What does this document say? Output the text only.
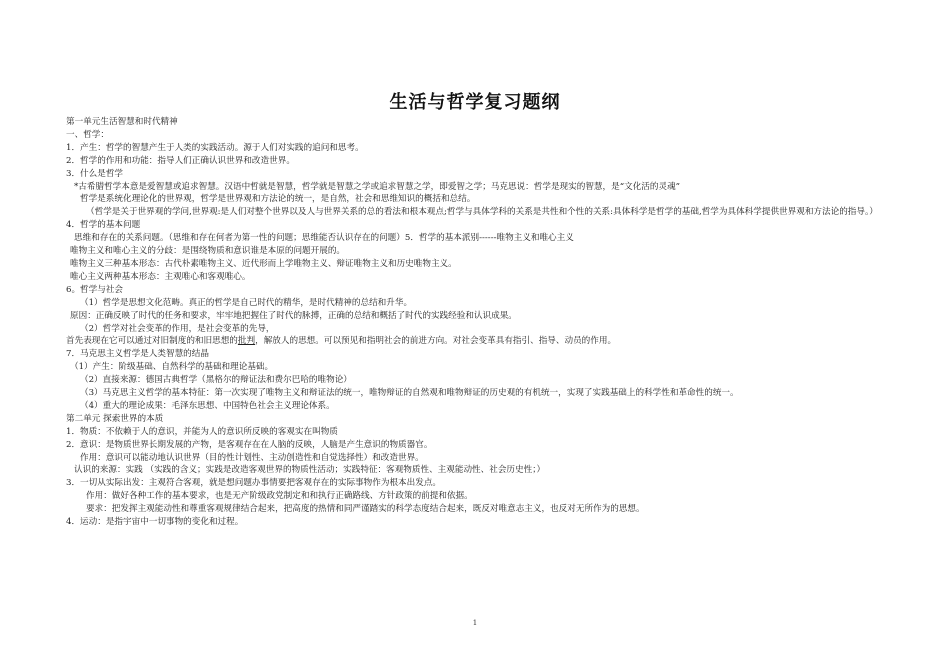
生活与哲学复习题纲
第一单元生活智慧和时代精神
一、哲学：
1．产生：哲学的智慧产生于人类的实践活动。源于人们对实践的追问和思考。
2．哲学的作用和功能：指导人们正确认识世界和改造世界。
3．什么是哲学
*古希腊哲学本意是爱智慧或追求智慧。汉语中哲就是智慧，哲学就是智慧之学或追求智慧之学，即爱智之学；马克思说：哲学是现实的智慧，是“文化活的灵魂”
哲学是系统化理论化的世界观，哲学是世界观和方法论的统一，是自然，社会和思维知识的概括和总结。
（哲学是关于世界观的学问,世界观:是人们对整个世界以及人与世界关系的总的看法和根本观点;哲学与具体学科的关系是共性和个性的关系:具体科学是哲学的基础,哲学为具体科学提供世界观和方法论的指导。）
4．哲学的基本问题
思维和存在的关系问题。（思维和存在何者为第一性的问题；思维能否认识存在的问题）5．哲学的基本派别------唯物主义和唯心主义
唯物主义和唯心主义的分歧：是围绕物质和意识谁是本原的问题开展的。
唯物主义三种基本形态：古代朴素唯物主义、近代形而上学唯物主义、辩证唯物主义和历史唯物主义。
唯心主义两种基本形态：主观唯心和客观唯心。
6。哲学与社会
（1）哲学是思想文化范畴。真正的哲学是自己时代的精华，是时代精神的总结和升华。
原因：正确反映了时代的任务和要求，牢牢地把握住了时代的脉搏，正确的总结和概括了时代的实践经验和认识成果。
（2）哲学对社会变革的作用，是社会变革的先导，
首先表现在它可以通过对旧制度的和旧思想的批判，解放人的思想。可以预见和指明社会的前进方向。对社会变革具有指引、指导、动员的作用。
7．马克思主义哲学是人类智慧的结晶
（1）产生：阶级基础、自然科学的基础和理论基础。
（2）直接来源：德国古典哲学（黑格尔的辩证法和费尔巴哈的唯物论）
（3）马克思主义哲学的基本特征：第一次实现了唯物主义和辩证法的统一，唯物辩证的自然观和唯物辩证的历史观的有机统一，实现了实践基础上的科学性和革命性的统一。
（4）重大的理论成果：毛泽东思想、中国特色社会主义理论体系。
第二单元 探索世界的本质
1．物质：不依赖于人的意识，并能为人的意识所反映的客观实在叫物质
2．意识：是物质世界长期发展的产物，是客观存在在人脑的反映，人脑是产生意识的物质器官。
作用：意识可以能动地认识世界（目的性计划性、主动创造性和自觉选择性）和改造世界。
认识的来源：实践 （实践的含义；实践是改造客观世界的物质性活动；实践特征：客观物质性、主观能动性、社会历史性；）
3．一切从实际出发：主观符合客观，就是想问题办事情要把客观存在的实际事物作为根本出发点。
作用：做好各种工作的基本要求，也是无产阶级政党制定和和执行正确路线、方针政策的前提和依据。
要求：把发挥主观能动性和尊重客观规律结合起来，把高度的热情和同严谨踏实的科学态度结合起来，既反对唯意志主义，也反对无所作为的思想。
4．运动：是指宇宙中一切事物的变化和过程。
1
